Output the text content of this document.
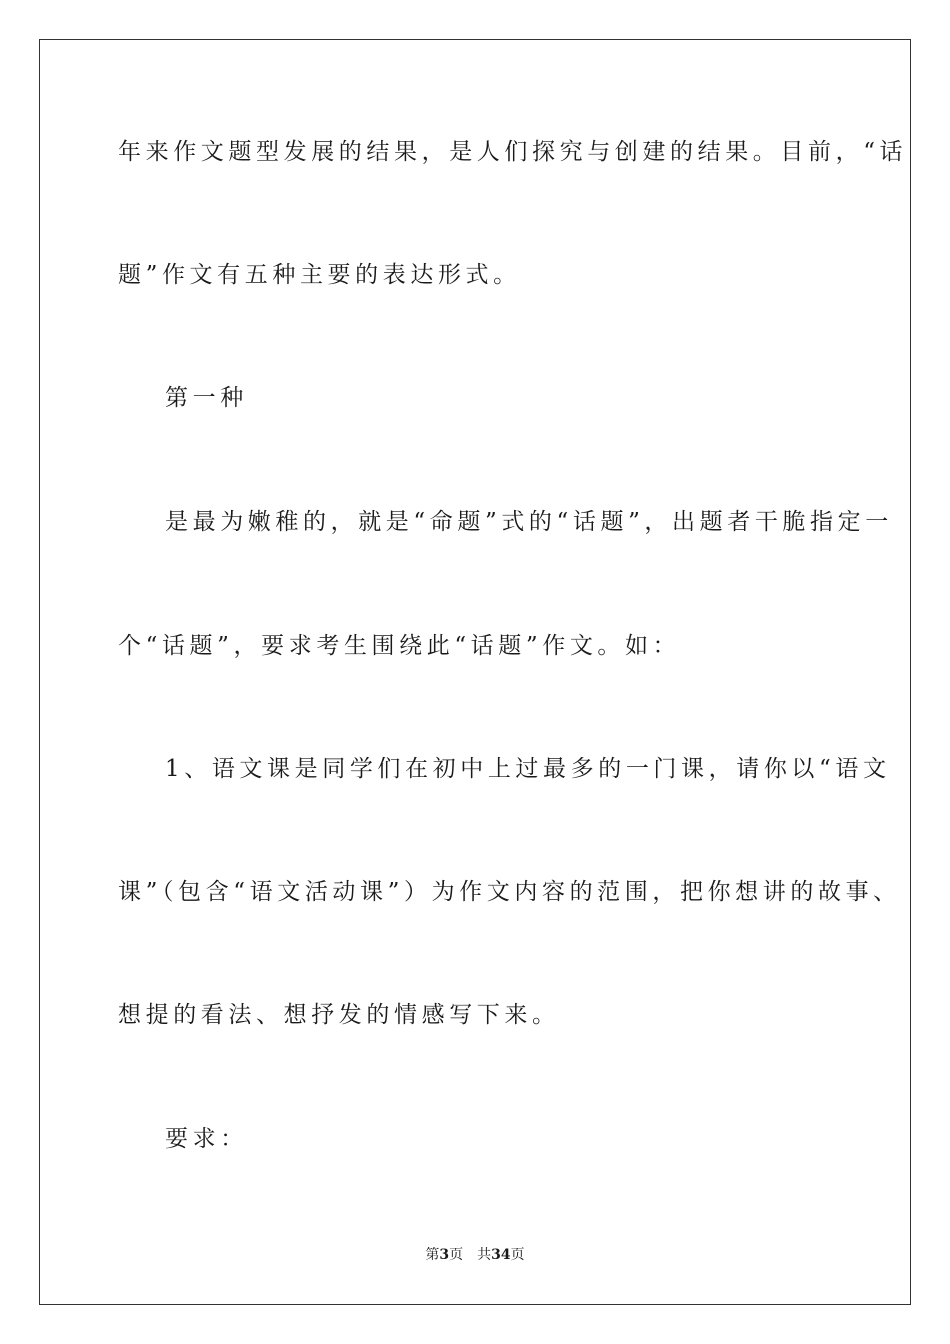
年来作文题型发展的结果，是人们探究与创建的结果。目前，“话
题”作文有五种主要的表达形式。
第一种
是最为嫩稚的，就是“命题”式的“话题”，出题者干脆指定一
个“话题”，要求考生围绕此“话题”作文。如：
1、语文课是同学们在初中上过最多的一门课，请你以“语文
课”（包含“语文活动课”）为作文内容的范围，把你想讲的故事、
想提的看法、想抒发的情感写下来。
要求：
第3页 共34页
